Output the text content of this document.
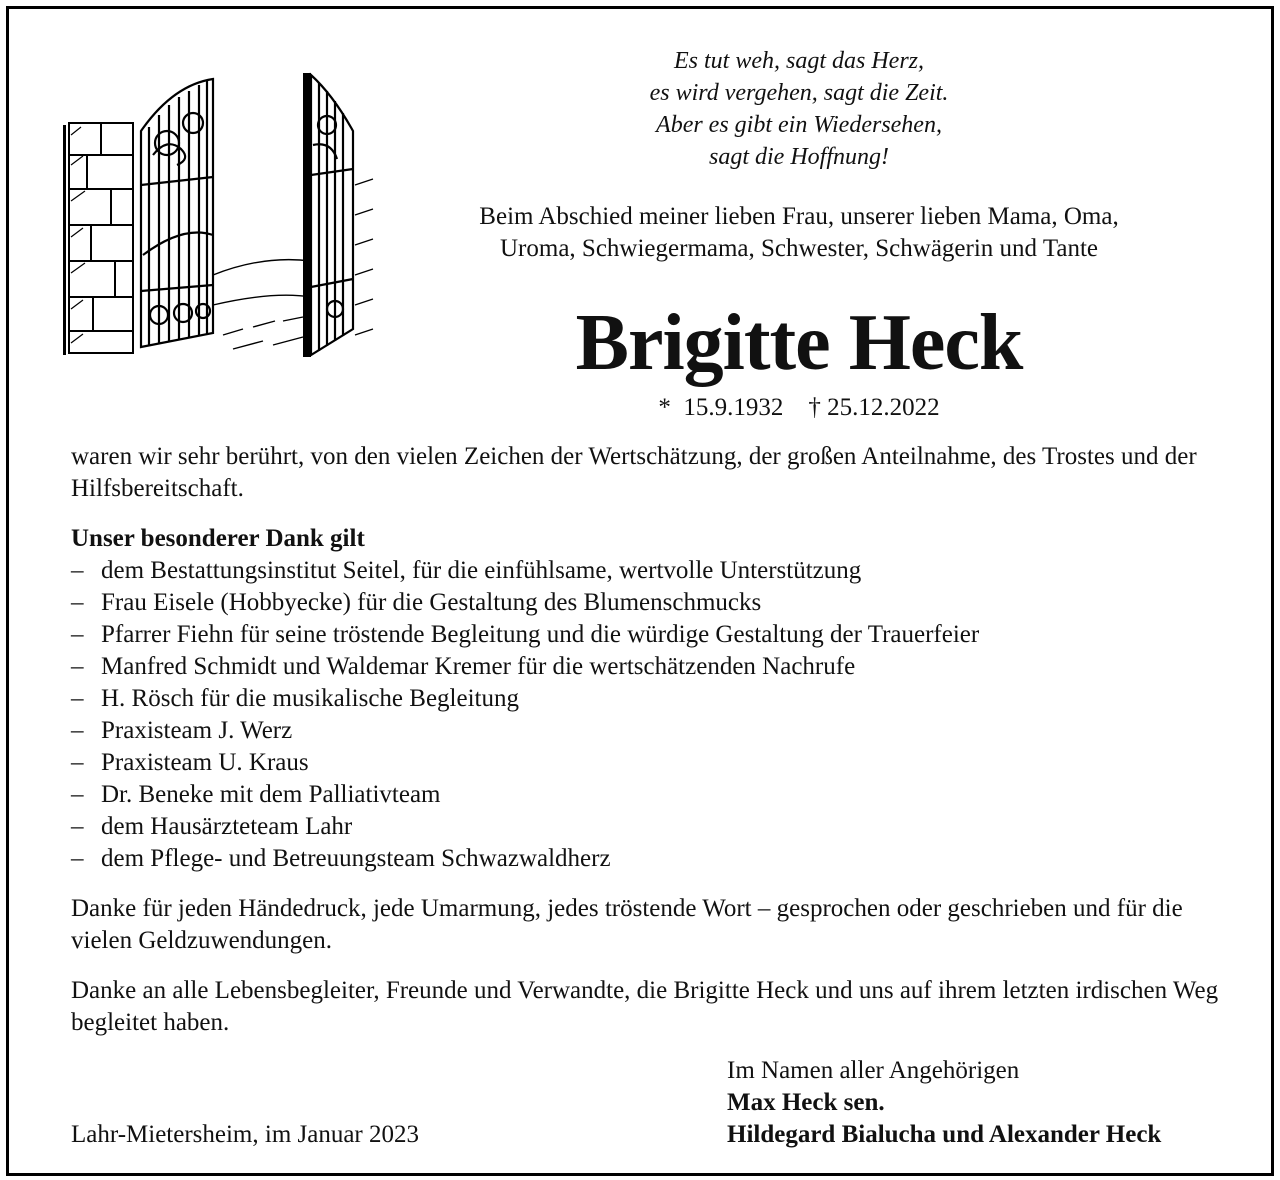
Es tut weh, sagt das Herz,
es wird vergehen, sagt die Zeit.
Aber es gibt ein Wiedersehen,
sagt die Hoffnung!
Beim Abschied meiner lieben Frau, unserer lieben Mama, Oma,
Uroma, Schwiegermama, Schwester, Schwägerin und Tante
Brigitte Heck
*  15.9.1932    † 25.12.2022
waren wir sehr berührt, von den vielen Zeichen der Wertschätzung, der großen Anteilnahme, des Trostes und der Hilfsbereitschaft.
Unser besonderer Dank gilt
– dem Bestattungsinstitut Seitel, für die einfühlsame, wertvolle Unterstützung
– Frau Eisele (Hobbyecke) für die Gestaltung des Blumenschmucks
– Pfarrer Fiehn für seine tröstende Begleitung und die würdige Gestaltung der Trauerfeier
– Manfred Schmidt und Waldemar Kremer für die wertschätzenden Nachrufe
– H. Rösch für die musikalische Begleitung
– Praxisteam J. Werz
– Praxisteam U. Kraus
– Dr. Beneke mit dem Palliativteam
– dem Hausärzteteam Lahr
– dem Pflege- und Betreuungsteam Schwazwaldherz
Danke für jeden Händedruck, jede Umarmung, jedes tröstende Wort – gesprochen oder geschrieben und für die vielen Geldzuwendungen.
Danke an alle Lebensbegleiter, Freunde und Verwandte, die Brigitte Heck und uns auf ihrem letzten irdischen Weg begleitet haben.
Lahr-Mietersheim, im Januar 2023
Im Namen aller Angehörigen
Max Heck sen.
Hildegard Bialucha und Alexander Heck
